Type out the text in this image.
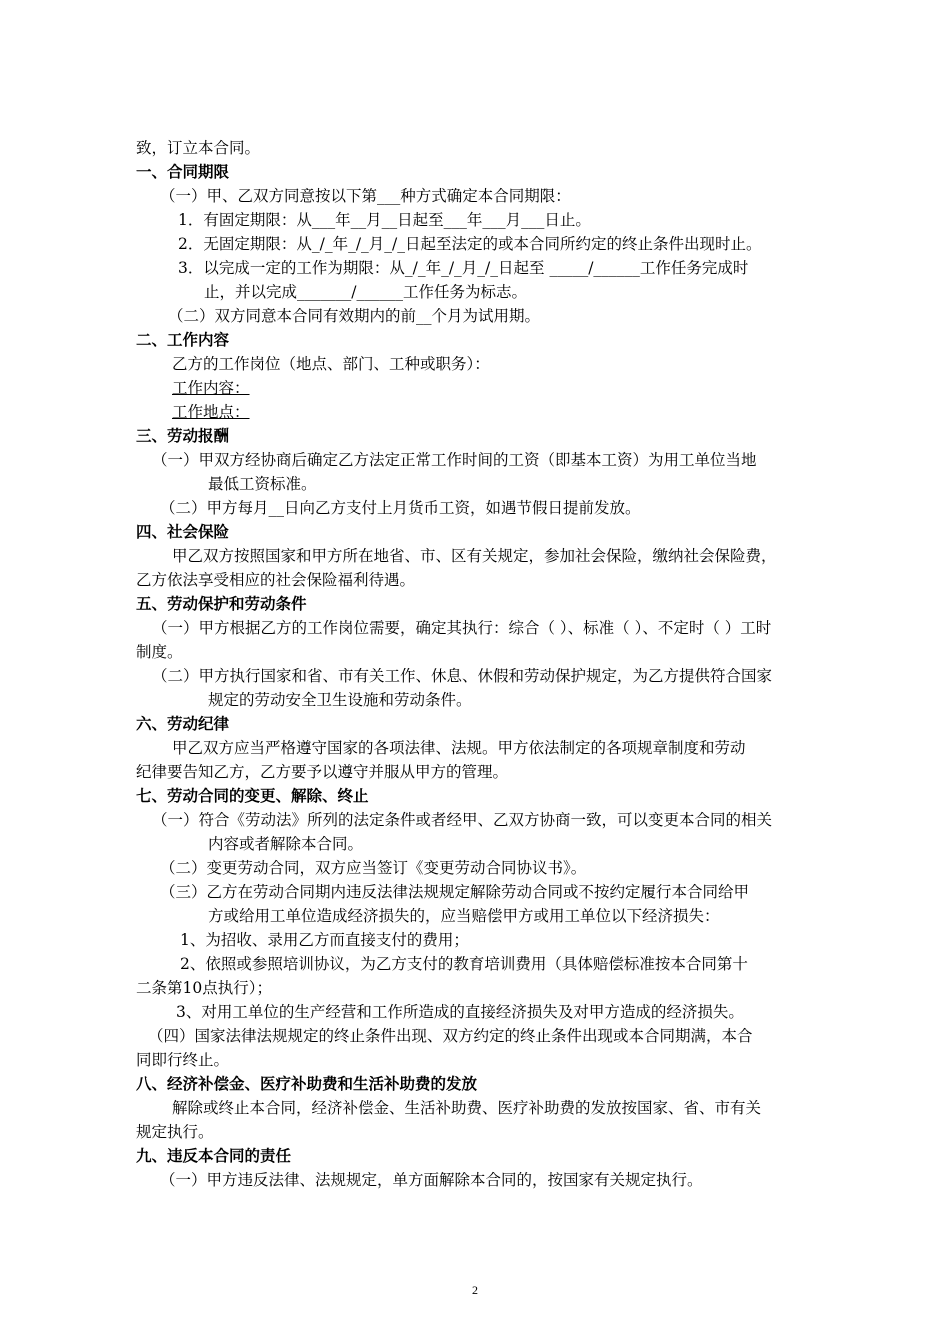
致，订立本合同。
一、合同期限
（一）甲、乙双方同意按以下第___种方式确定本合同期限：
1．有固定期限：从___年__月__日起至___年___月___日止。
2．无固定期限：从_/_年_/_月_/_日起至法定的或本合同所约定的终止条件出现时止。
3．以完成一定的工作为期限：从_/_年_/_月_/_日起至 _____/______工作任务完成时
止，并以完成_______/______工作任务为标志。
（二）双方同意本合同有效期内的前__个月为试用期。
二、工作内容
乙方的工作岗位（地点、部门、工种或职务）：
工作内容：
工作地点：
三、劳动报酬
（一）甲双方经协商后确定乙方法定正常工作时间的工资（即基本工资）为用工单位当地
最低工资标准。
（二）甲方每月__日向乙方支付上月货币工资，如遇节假日提前发放。
四、社会保险
甲乙双方按照国家和甲方所在地省、市、区有关规定，参加社会保险，缴纳社会保险费，
乙方依法享受相应的社会保险福利待遇。
五、劳动保护和劳动条件
（一）甲方根据乙方的工作岗位需要，确定其执行：综合（ ）、标准（ ）、不定时（ ）工时
制度。
（二）甲方执行国家和省、市有关工作、休息、休假和劳动保护规定，为乙方提供符合国家
规定的劳动安全卫生设施和劳动条件。
六、劳动纪律
甲乙双方应当严格遵守国家的各项法律、法规。甲方依法制定的各项规章制度和劳动
纪律要告知乙方，乙方要予以遵守并服从甲方的管理。
七、劳动合同的变更、解除、终止
（一）符合《劳动法》所列的法定条件或者经甲、乙双方协商一致，可以变更本合同的相关
内容或者解除本合同。
（二）变更劳动合同，双方应当签订《变更劳动合同协议书》。
（三）乙方在劳动合同期内违反法律法规规定解除劳动合同或不按约定履行本合同给甲
方或给用工单位造成经济损失的，应当赔偿甲方或用工单位以下经济损失：
1、为招收、录用乙方而直接支付的费用；
2、依照或参照培训协议，为乙方支付的教育培训费用（具体赔偿标准按本合同第十
二条第10点执行）；
3、对用工单位的生产经营和工作所造成的直接经济损失及对甲方造成的经济损失。
（四）国家法律法规规定的终止条件出现、双方约定的终止条件出现或本合同期满，本合
同即行终止。
八、经济补偿金、医疗补助费和生活补助费的发放
解除或终止本合同，经济补偿金、生活补助费、医疗补助费的发放按国家、省、市有关
规定执行。
九、违反本合同的责任
（一）甲方违反法律、法规规定，单方面解除本合同的，按国家有关规定执行。
2
